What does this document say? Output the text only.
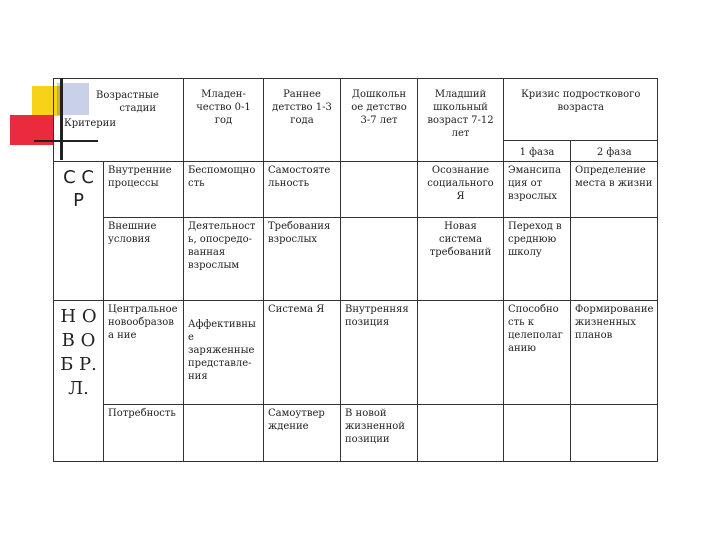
Возрастные стадии
Критерии		Младен-чество 0-1 год	Раннее детство 1-3 года	Дошкольн ое детство 3-7 лет	Младший школьный возраст 7-12 лет	Кризис подросткового возраста	
						1 фаза	2 фаза
С С Р	Внутренние процессы	Беспомощно сть	Самостояте льность		Осознание социального Я	Эмансипа ция от взрослых	Определение места в жизни
	Внешние условия	Деятельност ь, опосредо-ванная взрослым	Требования взрослых		Новая система требований	Переход в среднюю школу	
Н О В О Б Р. Л.	Центральное новообразов а ние	Аффективны е заряженные представле-ния	Система Я	Внутренняя позиция		Способно сть к целеполаг анию	Формирование жизненных планов
	Потребность		Самоутвер ждение	В новой жизненной позиции			
